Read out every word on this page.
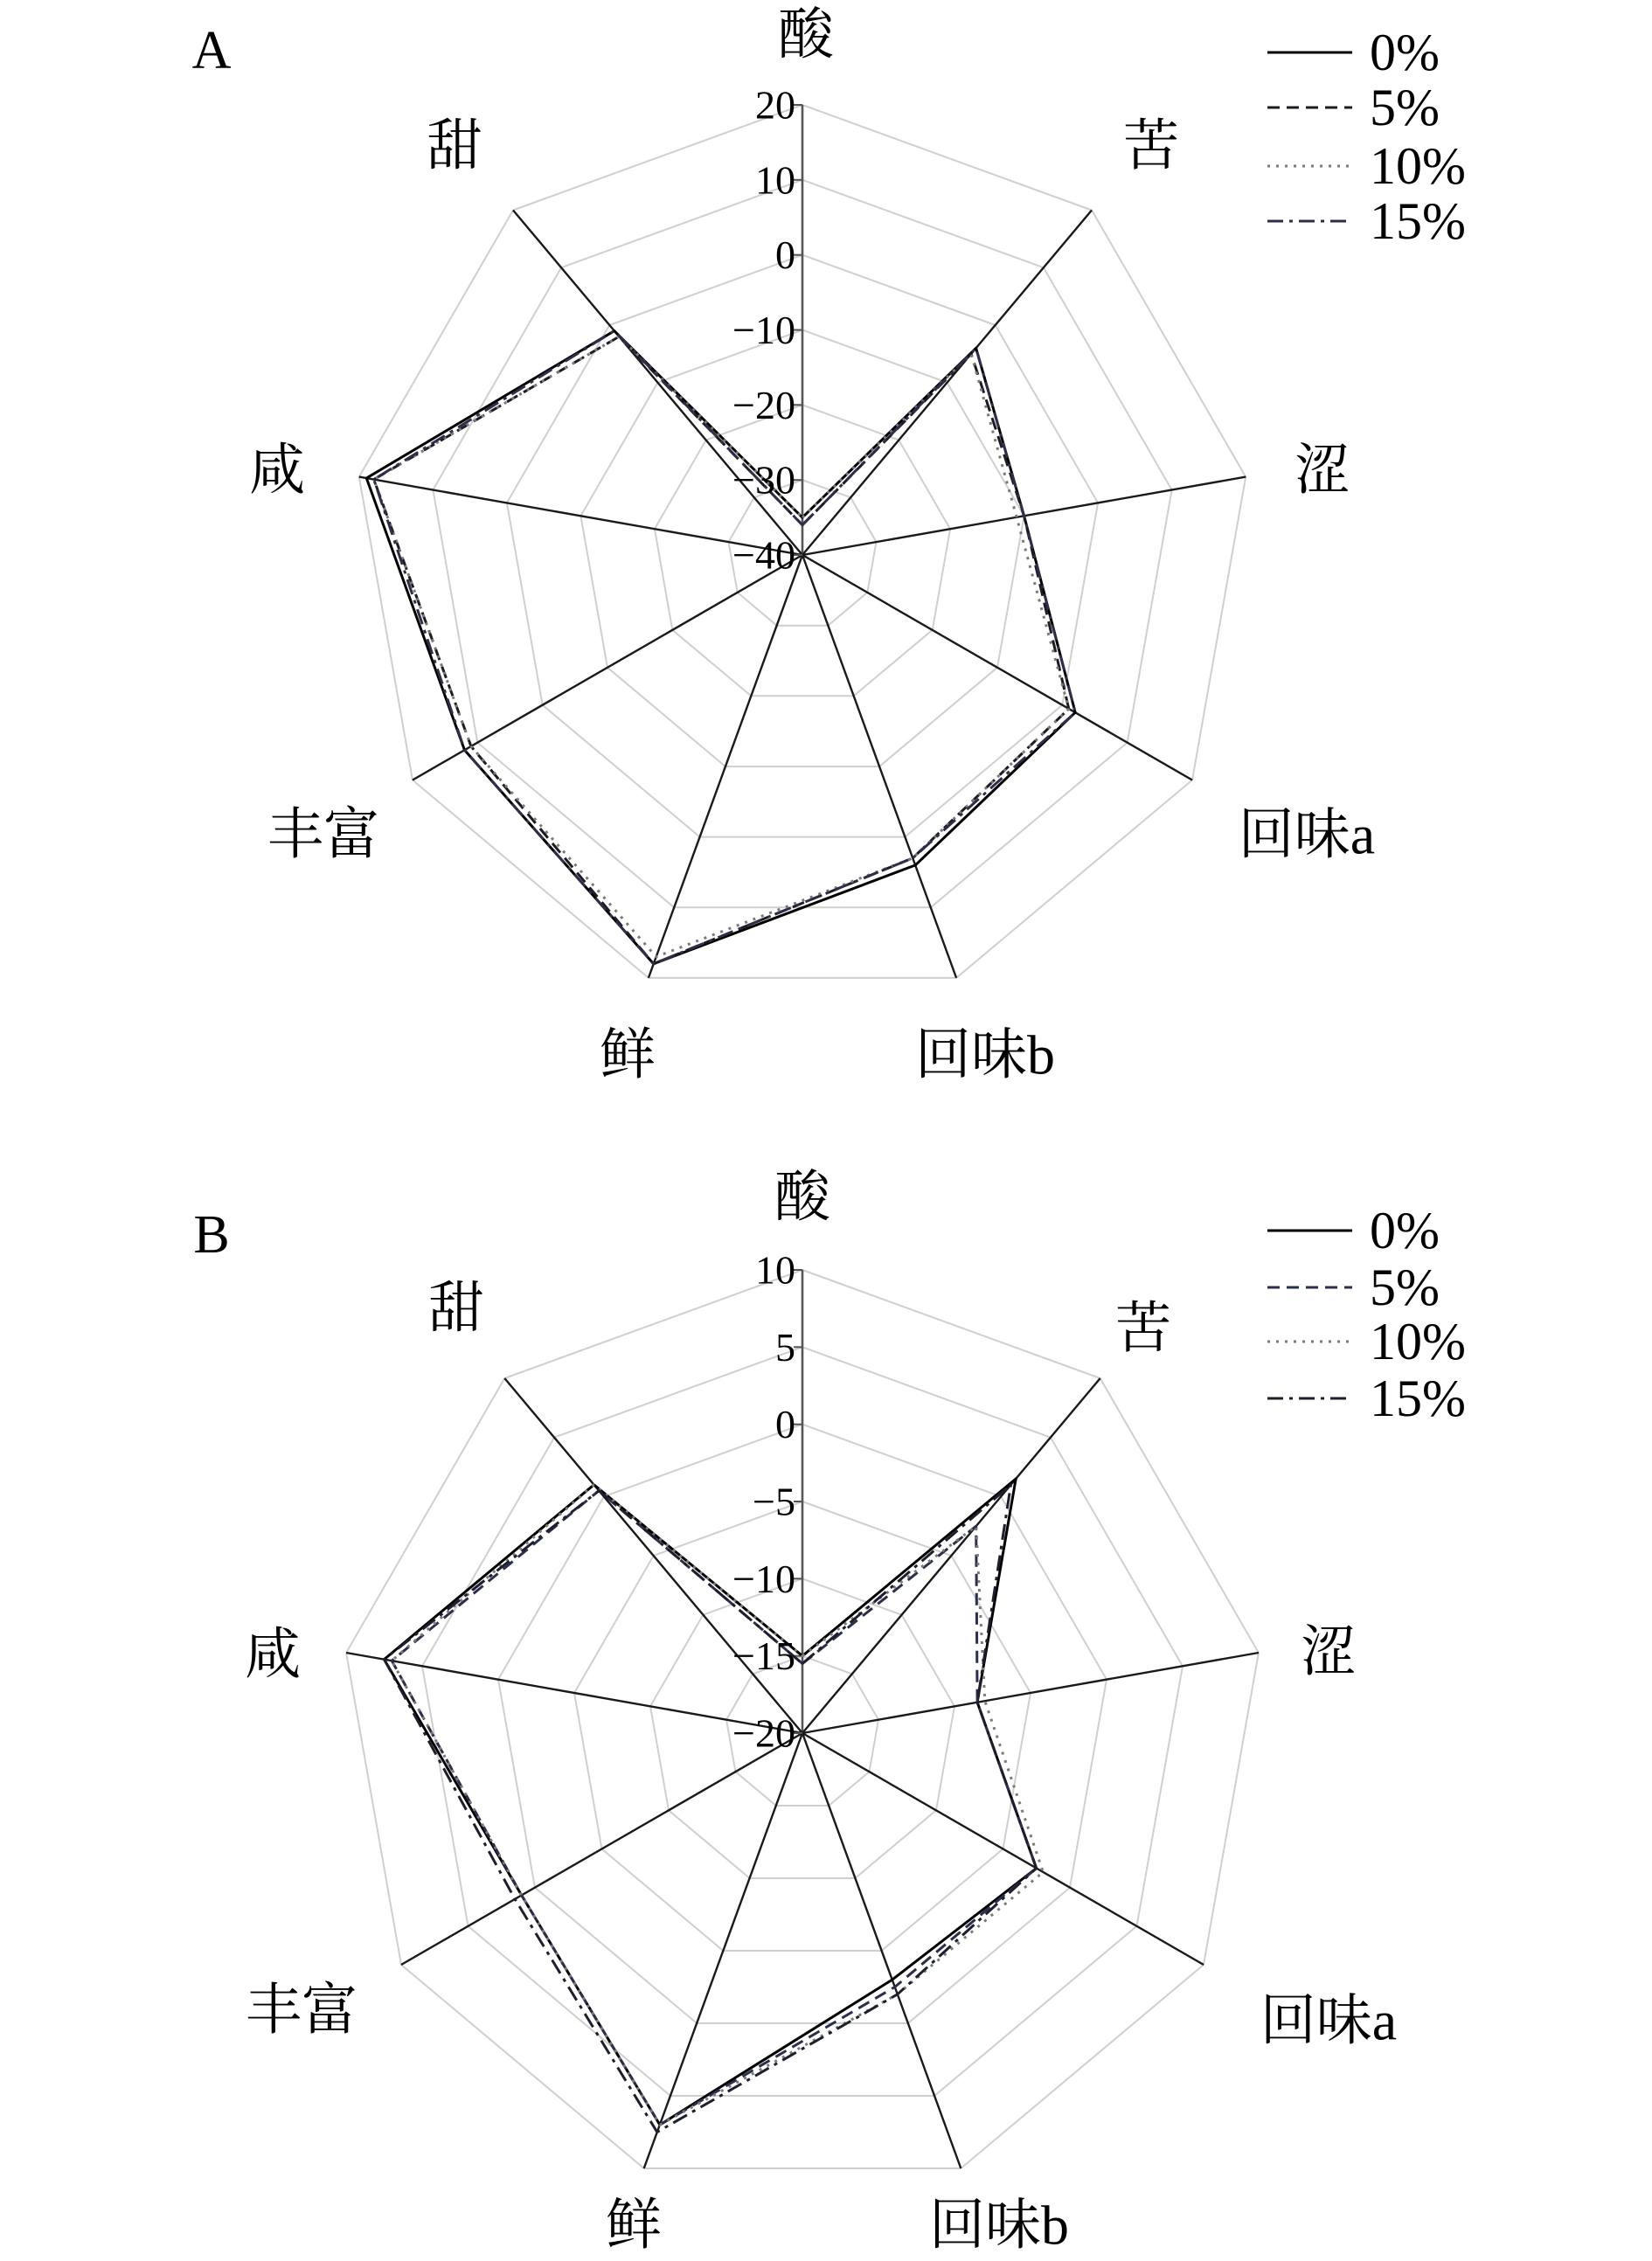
20
10
0
−10
−20
−30
−40
酸
苦
涩
回味a
回味b
鲜
丰富
咸
甜
A	0%
5%
10%
15%
10
5
0
−5
−10
−15
−20
酸
苦
涩
回味a
回味b
鲜
丰富
咸
甜
B	0%
5%
10%
15%
